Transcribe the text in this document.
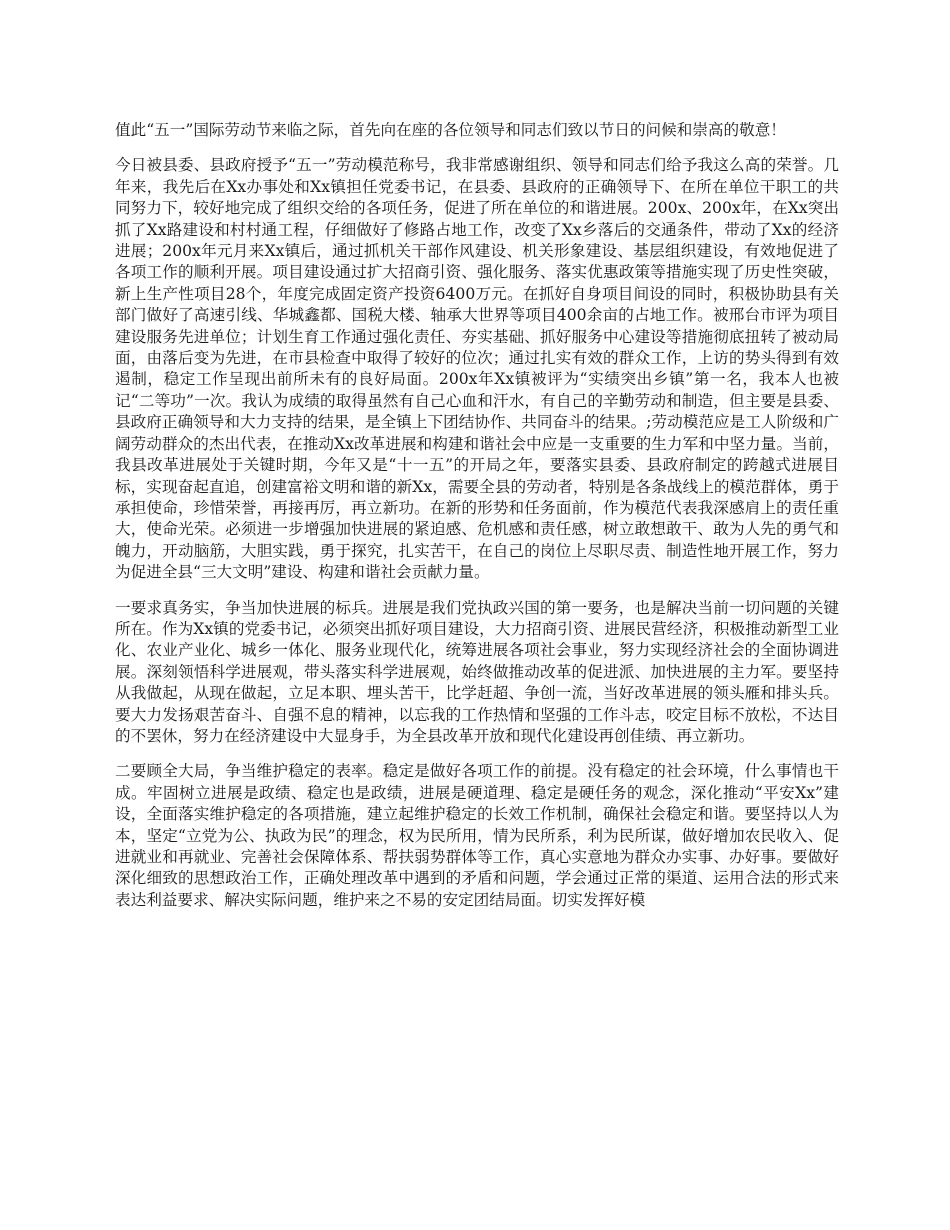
值此“五一”国际劳动节来临之际，首先向在座的各位领导和同志们致以节日的问候和崇高的敬意！

今日被县委、县政府授予“五一”劳动模范称号，我非常感谢组织、领导和同志们给予我这么高的荣誉。几年来，我先后在Xx办事处和Xx镇担任党委书记，在县委、县政府的正确领导下、在所在单位干职工的共同努力下，较好地完成了组织交给的各项任务，促进了所在单位的和谐进展。200x、200x年，在Xx突出抓了Xx路建设和村村通工程，仔细做好了修路占地工作，改变了Xx乡落后的交通条件，带动了Xx的经济进展；200x年元月来Xx镇后，通过抓机关干部作风建设、机关形象建设、基层组织建设，有效地促进了各项工作的顺利开展。项目建设通过扩大招商引资、强化服务、落实优惠政策等措施实现了历史性突破，新上生产性项目28个，年度完成固定资产投资6400万元。在抓好自身项目间设的同时，积极协助县有关部门做好了高速引线、华城鑫都、国税大楼、轴承大世界等项目400余亩的占地工作。被邢台市评为项目建设服务先进单位；计划生育工作通过强化责任、夯实基础、抓好服务中心建设等措施彻底扭转了被动局面，由落后变为先进，在市县检查中取得了较好的位次；通过扎实有效的群众工作，上访的势头得到有效遏制，稳定工作呈现出前所未有的良好局面。200x年Xx镇被评为“实绩突出乡镇”第一名，我本人也被记“二等功”一次。我认为成绩的取得虽然有自己心血和汗水，有自己的辛勤劳动和制造，但主要是县委、县政府正确领导和大力支持的结果，是全镇上下团结协作、共同奋斗的结果。;劳动模范应是工人阶级和广阔劳动群众的杰出代表，在推动Xx改革进展和构建和谐社会中应是一支重要的生力军和中坚力量。当前，我县改革进展处于关键时期，今年又是“十一五”的开局之年，要落实县委、县政府制定的跨越式进展目标，实现奋起直追，创建富裕文明和谐的新Xx，需要全县的劳动者，特别是各条战线上的模范群体，勇于承担使命，珍惜荣誉，再接再厉，再立新功。在新的形势和任务面前，作为模范代表我深感肩上的责任重大，使命光荣。必须进一步增强加快进展的紧迫感、危机感和责任感，树立敢想敢干、敢为人先的勇气和魄力，开动脑筋，大胆实践，勇于探究，扎实苦干，在自己的岗位上尽职尽责、制造性地开展工作，努力为促进全县“三大文明”建设、构建和谐社会贡献力量。

一要求真务实，争当加快进展的标兵。进展是我们党执政兴国的第一要务，也是解决当前一切问题的关键所在。作为Xx镇的党委书记，必须突出抓好项目建设，大力招商引资、进展民营经济，积极推动新型工业化、农业产业化、城乡一体化、服务业现代化，统筹进展各项社会事业，努力实现经济社会的全面协调进展。深刻领悟科学进展观，带头落实科学进展观，始终做推动改革的促进派、加快进展的主力军。要坚持从我做起，从现在做起，立足本职、埋头苦干，比学赶超、争创一流，当好改革进展的领头雁和排头兵。要大力发扬艰苦奋斗、自强不息的精神，以忘我的工作热情和坚强的工作斗志，咬定目标不放松，不达目的不罢休，努力在经济建设中大显身手，为全县改革开放和现代化建设再创佳绩、再立新功。

二要顾全大局，争当维护稳定的表率。稳定是做好各项工作的前提。没有稳定的社会环境，什么事情也干成。牢固树立进展是政绩、稳定也是政绩，进展是硬道理、稳定是硬任务的观念，深化推动“平安Xx”建设，全面落实维护稳定的各项措施，建立起维护稳定的长效工作机制，确保社会稳定和谐。要坚持以人为本，坚定“立党为公、执政为民”的理念，权为民所用，情为民所系，利为民所谋，做好增加农民收入、促进就业和再就业、完善社会保障体系、帮扶弱势群体等工作，真心实意地为群众办实事、办好事。要做好深化细致的思想政治工作，正确处理改革中遇到的矛盾和问题，学会通过正常的渠道、运用合法的形式来表达利益要求、解决实际问题，维护来之不易的安定团结局面。切实发挥好模
